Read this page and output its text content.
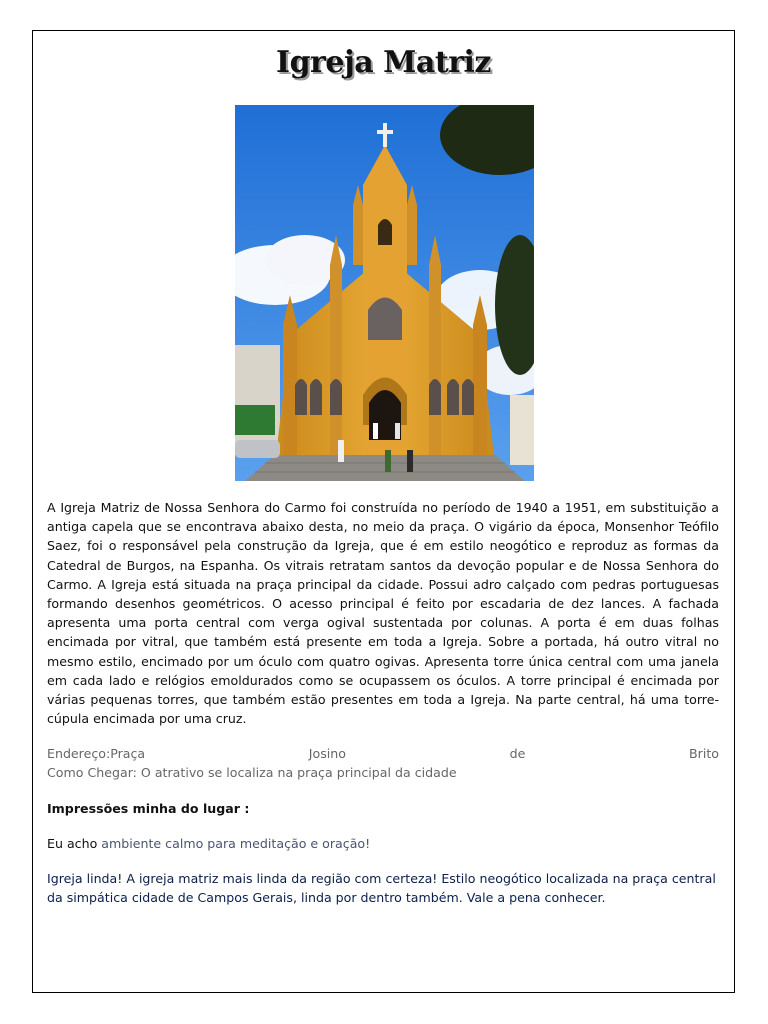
Igreja Matriz

A Igreja Matriz de Nossa Senhora do Carmo foi construída no período de 1940 a 1951, em substituição a antiga capela que se encontrava abaixo desta, no meio da praça. O vigário da época, Monsenhor Teófilo Saez, foi o responsável pela construção da Igreja, que é em estilo neogótico e reproduz as formas da Catedral de Burgos, na Espanha. Os vitrais retratam santos da devoção popular e de Nossa Senhora do Carmo. A Igreja está situada na praça principal da cidade. Possui adro calçado com pedras portuguesas formando desenhos geométricos. O acesso principal é feito por escadaria de dez lances. A fachada apresenta uma porta central com verga ogival sustentada por colunas. A porta é em duas folhas encimada por vitral, que também está presente em toda a Igreja. Sobre a portada, há outro vitral no mesmo estilo, encimado por um óculo com quatro ogivas. Apresenta torre única central com uma janela em cada lado e relógios emoldurados como se ocupassem os óculos. A torre principal é encimada por várias pequenas torres, que também estão presentes em toda a Igreja. Na parte central, há uma torre-cúpula encimada por uma cruz.

Endereço:Praça	Josino	de	Brito
Como Chegar: O atrativo se localiza na praça principal da cidade
Impressões minha do lugar :
Eu acho ambiente calmo para meditação e oração!
Igreja linda! A igreja matriz mais linda da região com certeza! Estilo neogótico localizada na praça central da simpática cidade de Campos Gerais, linda por dentro também. Vale a pena conhecer.
